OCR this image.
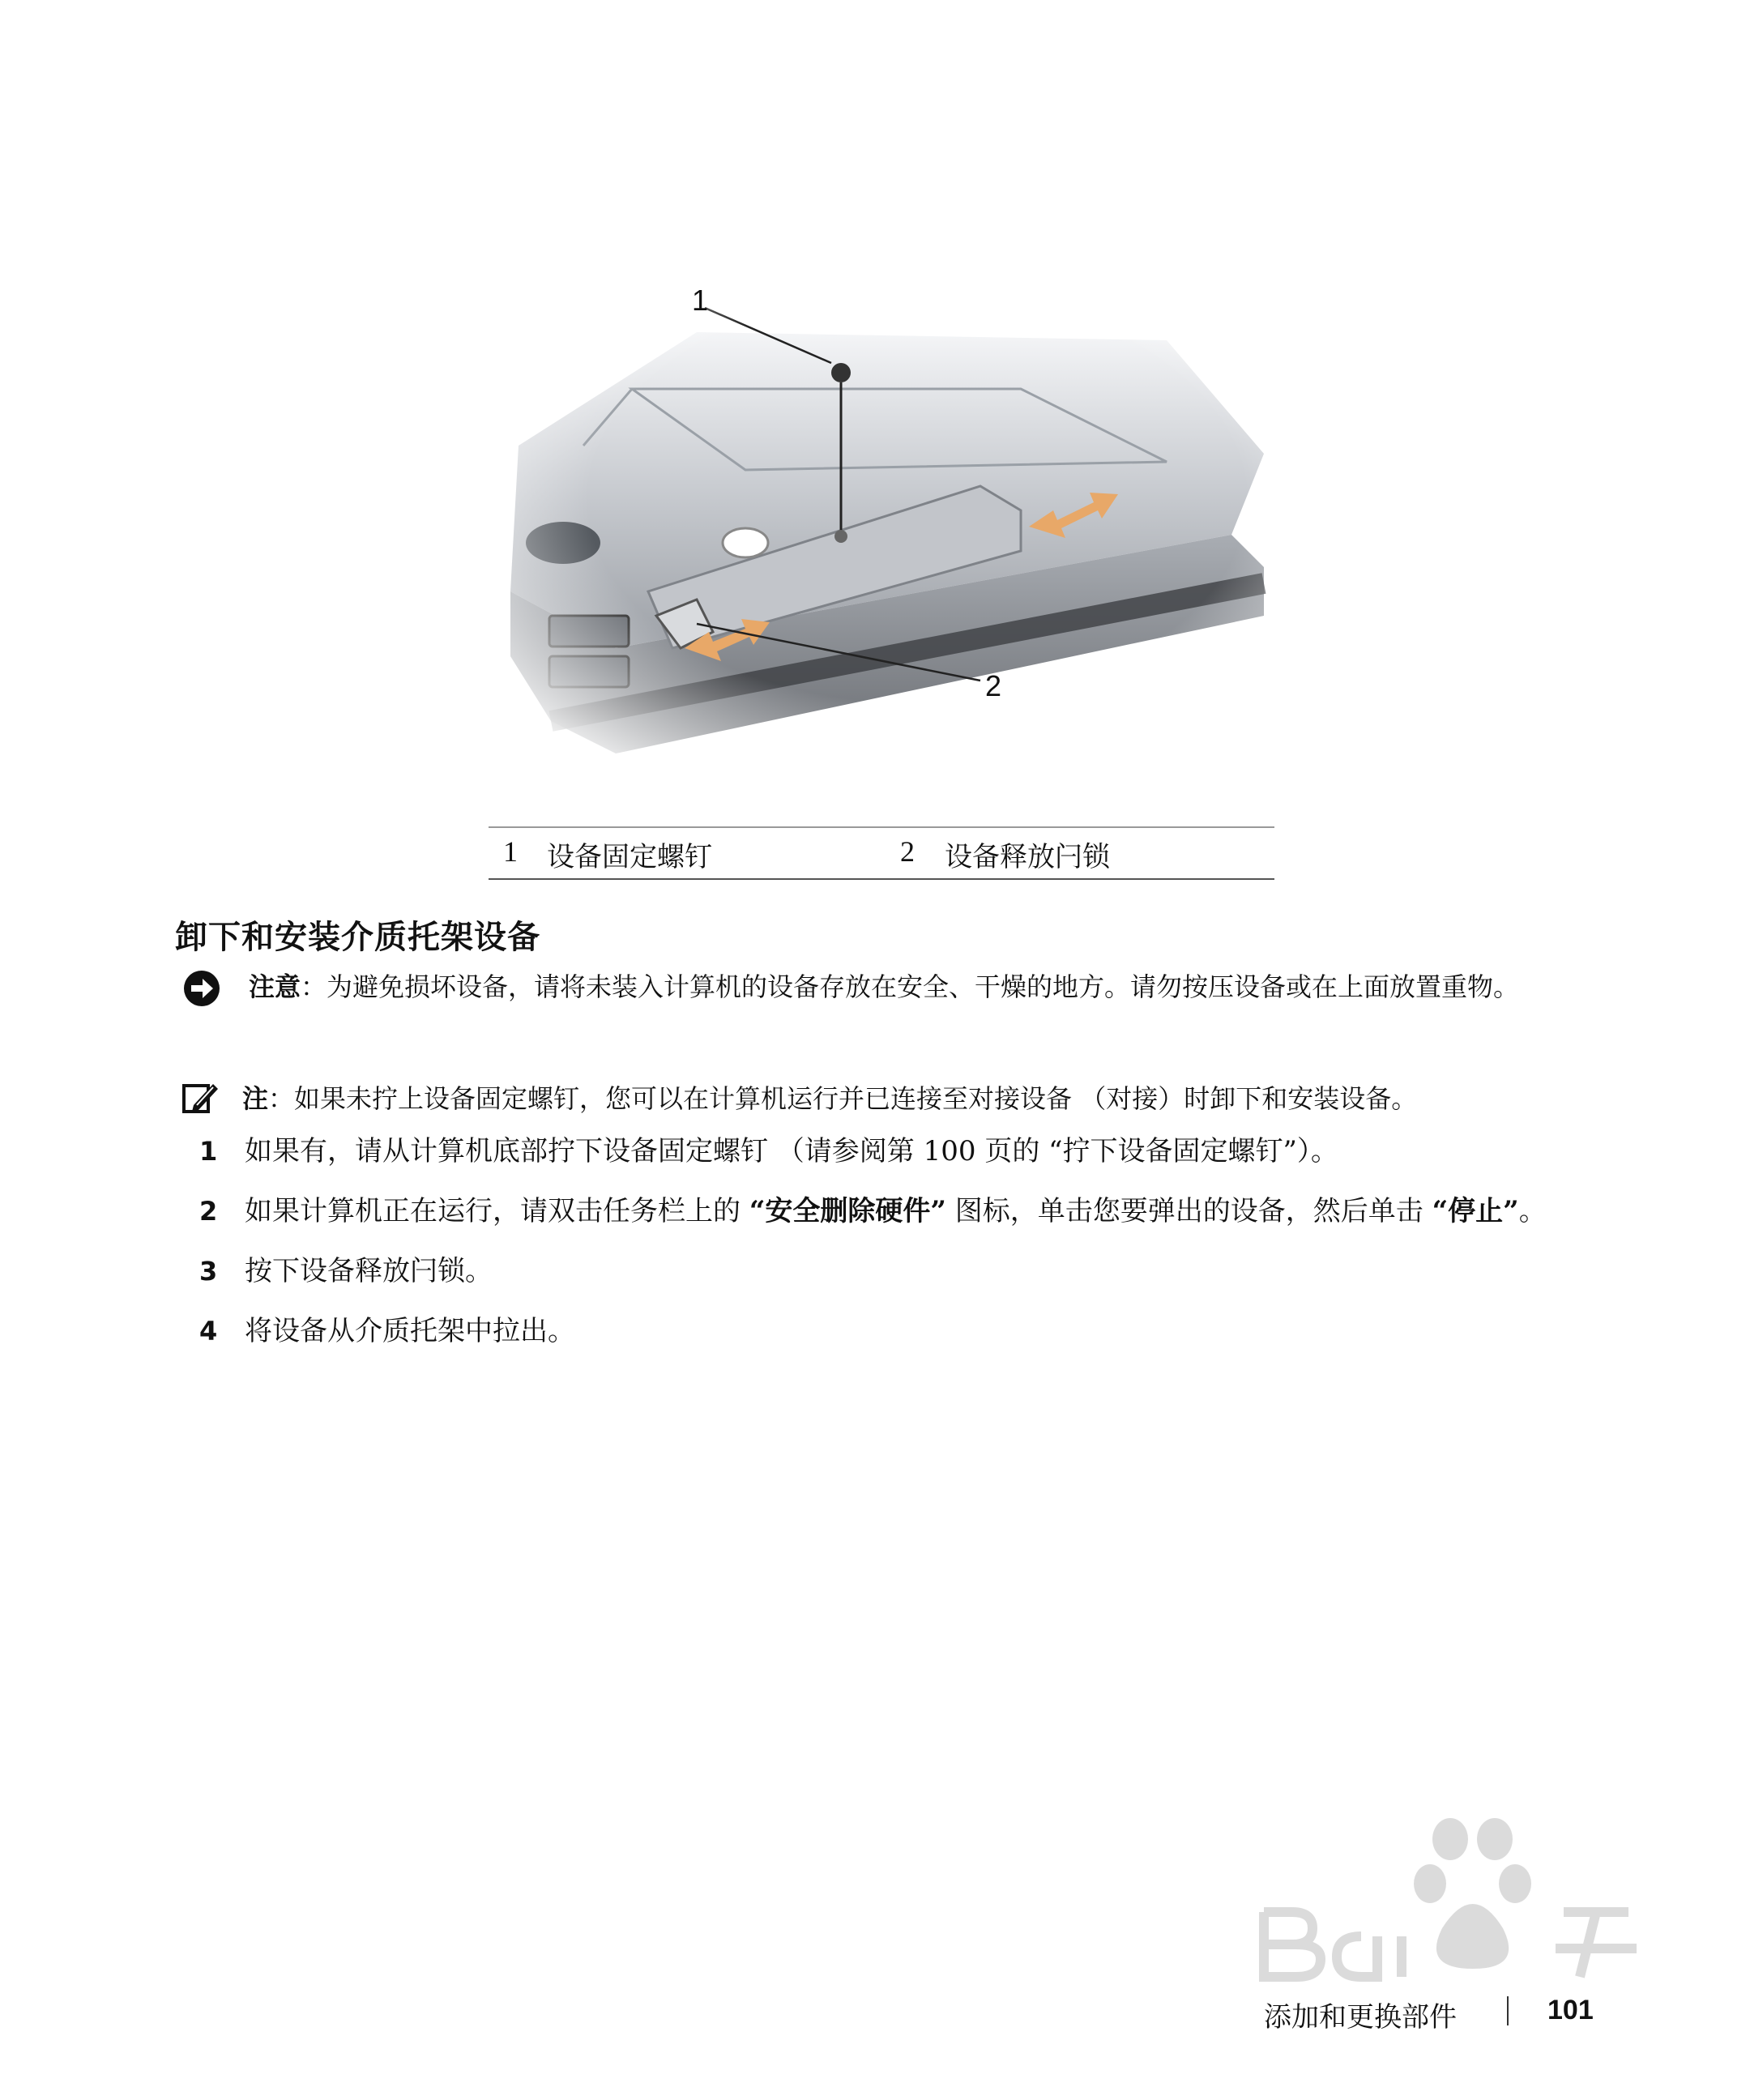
1
2
1 设备固定螺钉	2 设备释放闩锁
卸下和安装介质托架设备
注意：为避免损坏设备，请将未装入计算机的设备存放在安全、干燥的地方。请勿按压设备或在上面放置重物。
注：如果未拧上设备固定螺钉，您可以在计算机运行并已连接至对接设备 （对接）时卸下和安装设备。
1 如果有，请从计算机底部拧下设备固定螺钉 （请参阅第 100 页的 “拧下设备固定螺钉”）。
2 如果计算机正在运行，请双击任务栏上的 “安全删除硬件” 图标，单击您要弹出的设备，然后单击 “停止”。
3 按下设备释放闩锁。
4 将设备从介质托架中拉出。
添加和更换部件	101
